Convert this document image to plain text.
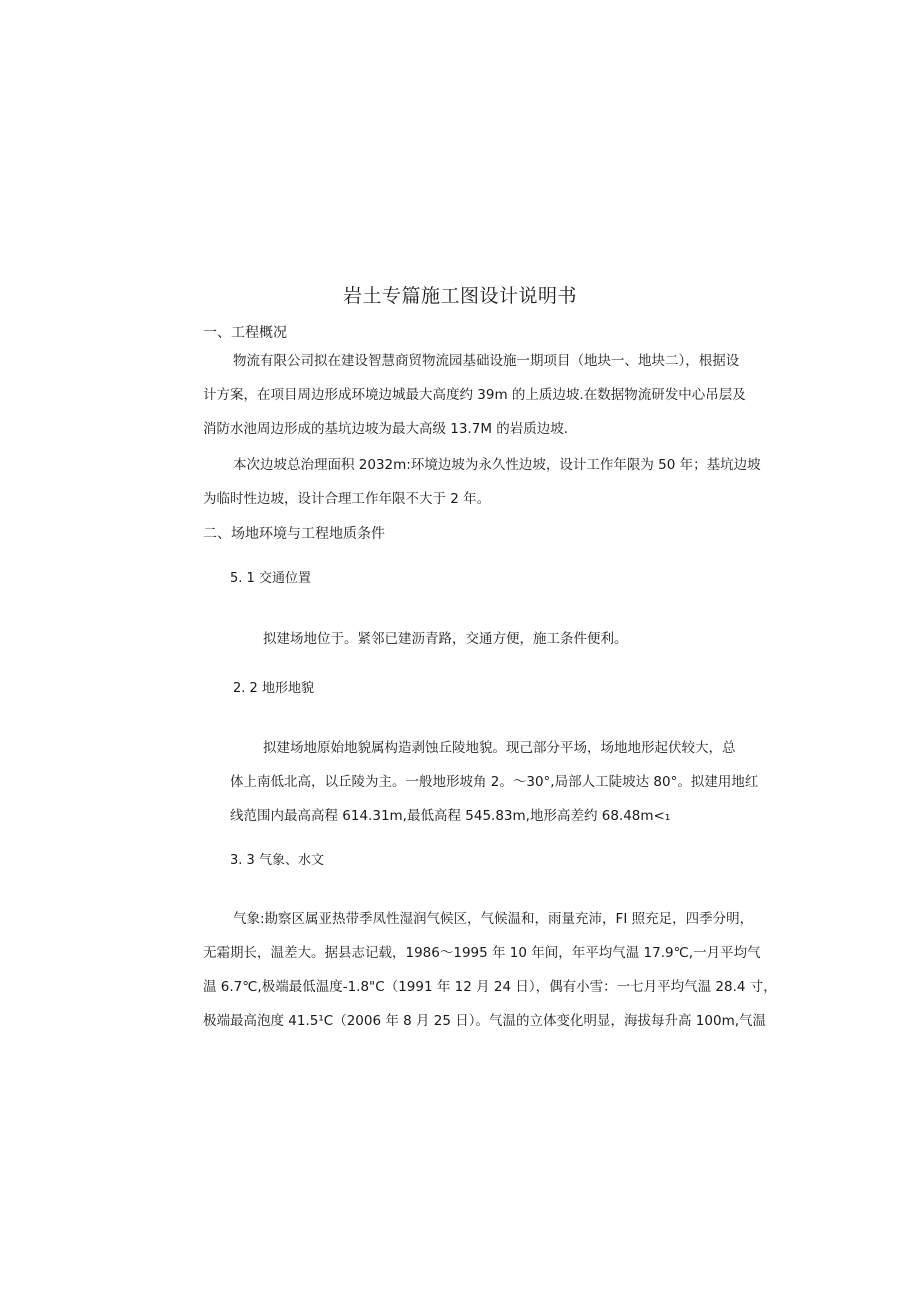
岩土专篇施工图设计说明书
一、工程概况

物流有限公司拟在建设智慧商贸物流园基础设施一期项目（地块一、地块二），根据设

计方案，在项目周边形成环境边城最大高度约 39m 的上质边坡.在数据物流研发中心吊层及

消防水池周边形成的基坑边坡为最大高级 13.7M 的岩质边坡.

本次边坡总治理面积 2032m:环境边坡为永久性边坡，设计工作年限为 50 年；基坑边坡

为临时性边坡，设计合理工作年限不大于 2 年。

二、场地环境与工程地质条件
5. 1 交通位置
拟建场地位于。紧邻已建沥青路，交通方便，施工条件便利。
2. 2 地形地貌

拟建场地原始地貌属构造剥蚀丘陵地貌。现己部分平场，场地地形起伏较大，总

体上南低北高，以丘陵为主。一般地形坡角 2。～30°,局部人工陡坡达 80°。拟建用地红

线范围内最高高程 614.31m,最低高程 545.83m,地形高差约 68.48m<₁

3. 3 气象、水文

气象:勘察区属亚热带季凤性湿润气候区，气候温和，雨量充沛，FI 照充足，四季分明，

无霜期长，温差大。据县志记载，1986～1995 年 10 年间，年平均气温 17.9℃,一月平均气

温 6.7℃,极端最低温度-1.8"C（1991 年 12 月 24 日），偶有小雪：一七月平均气温 28.4 寸，

极端最高泡度 41.5¹C（2006 年 8 月 25 日）。气温的立体变化明显，海拔每升高 100m,气温
